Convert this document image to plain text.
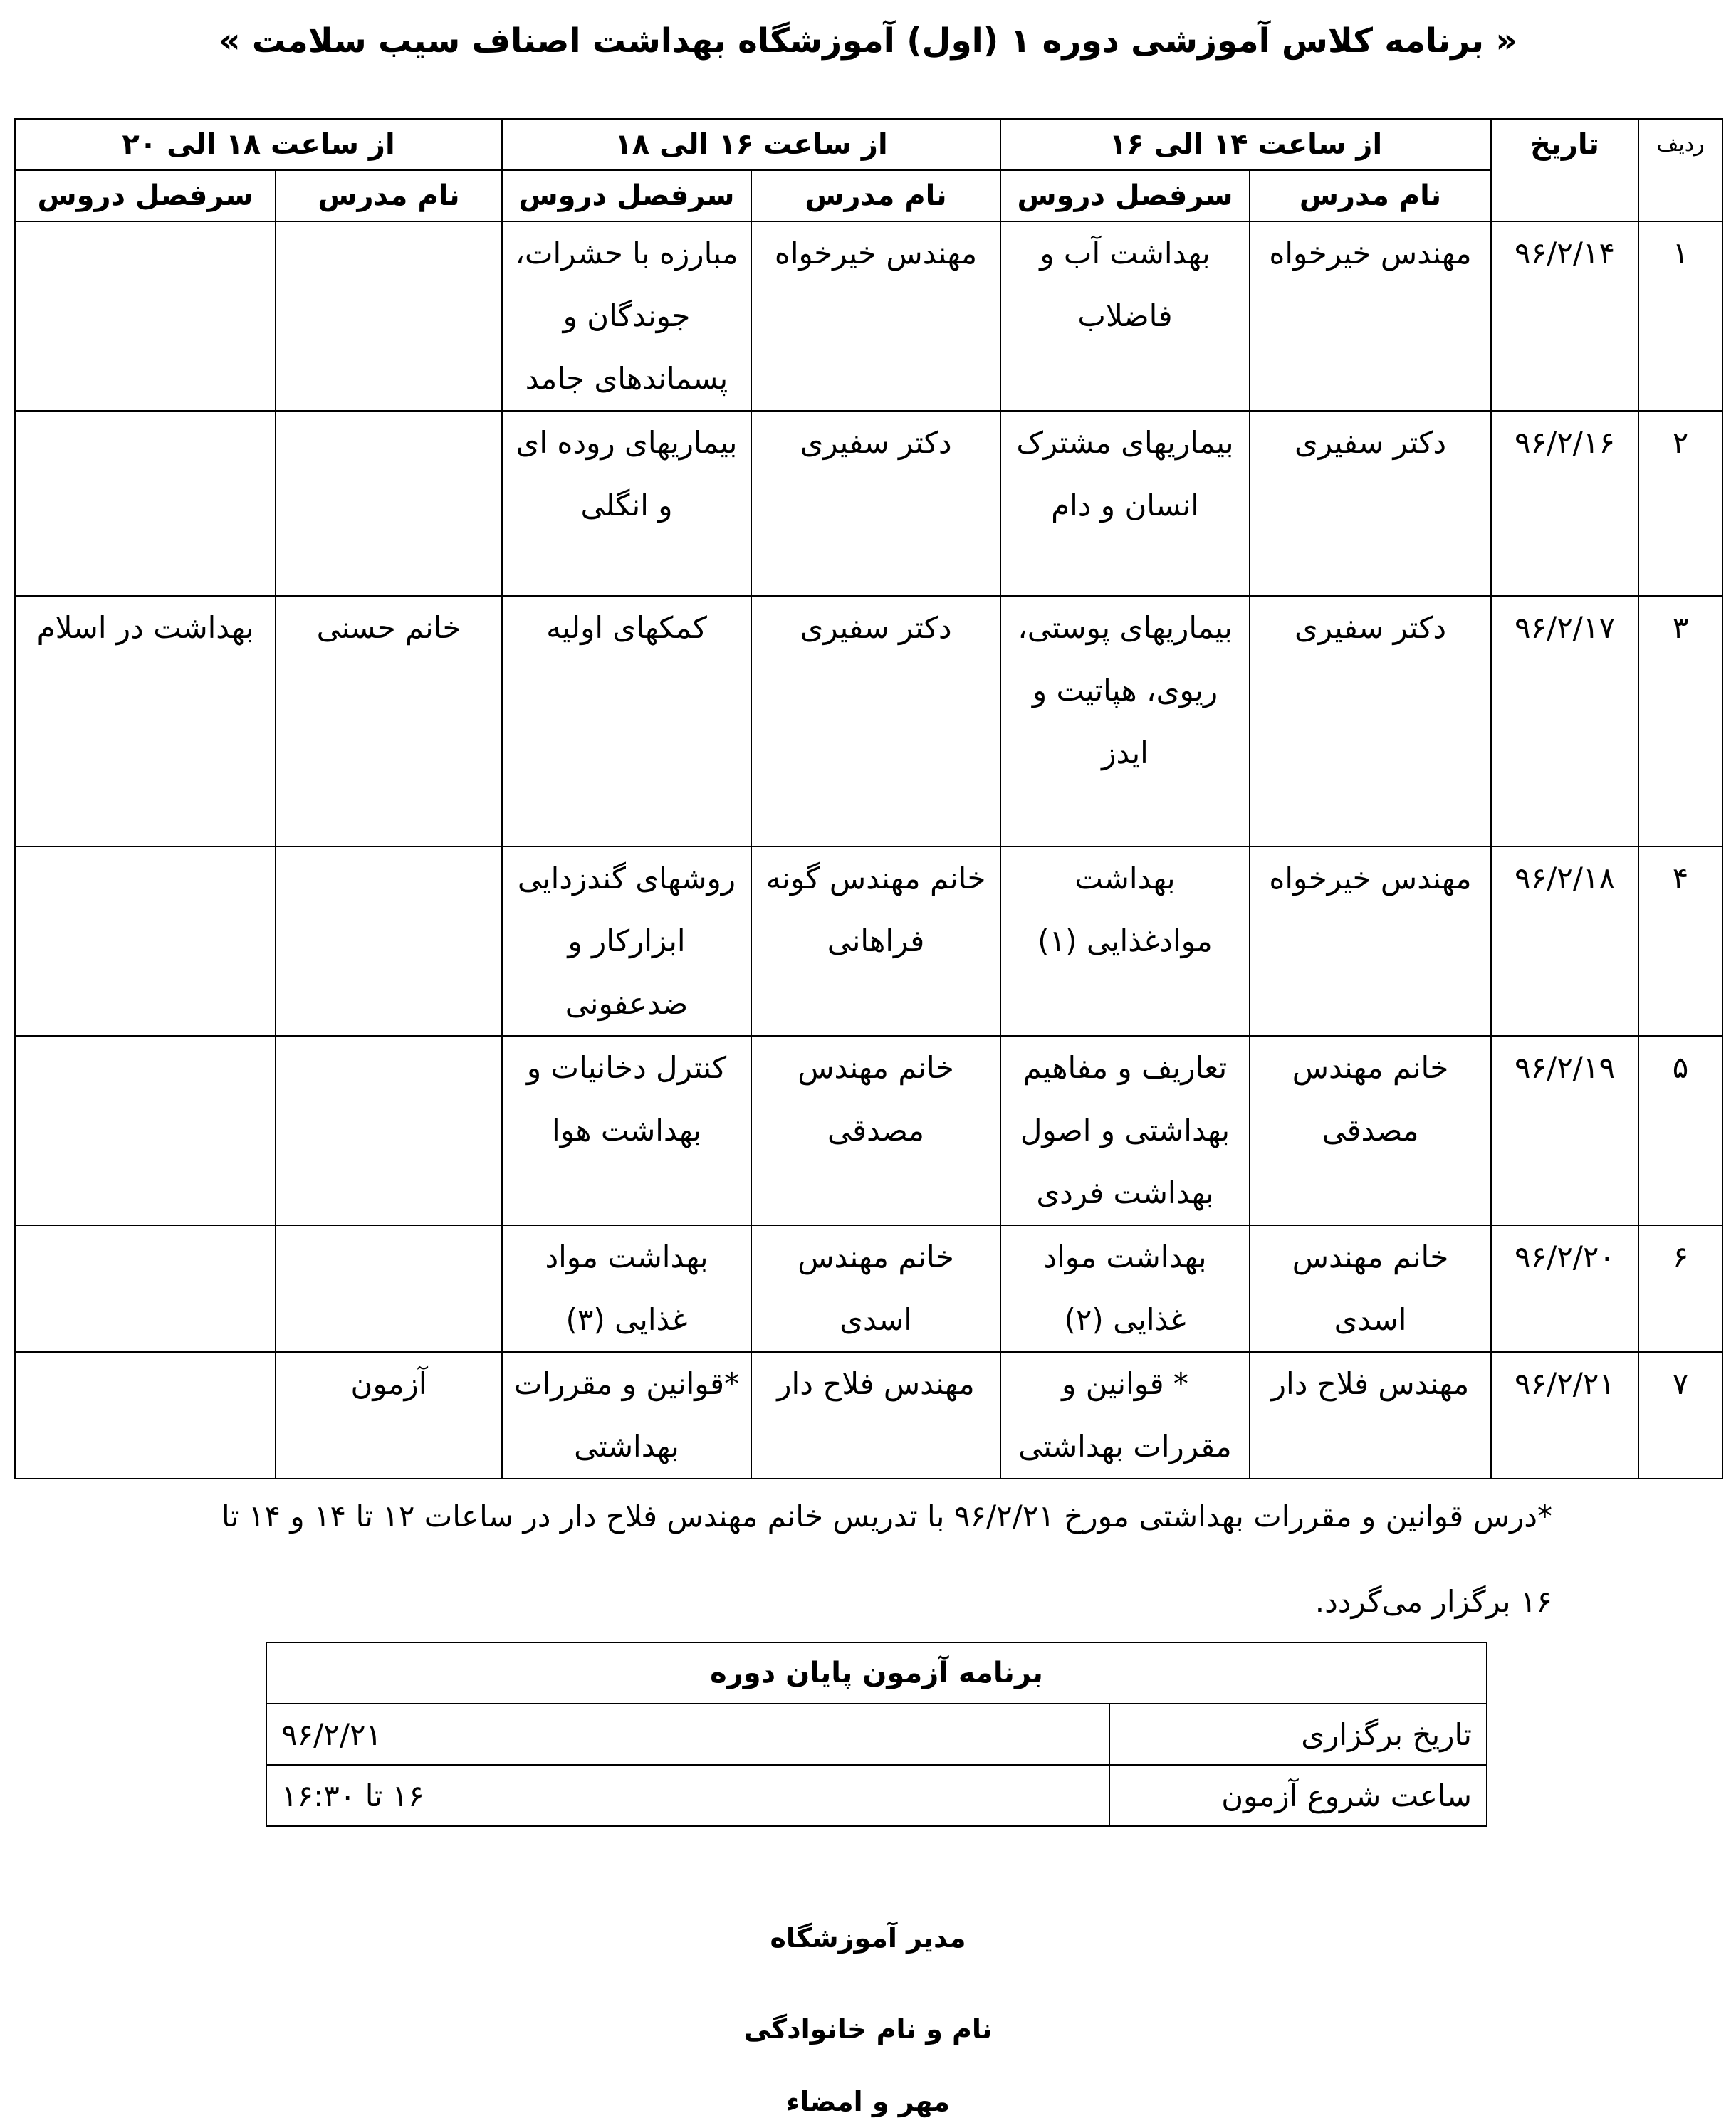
« برنامه کلاس آموزشی دوره ۱ (اول) آموزشگاه بهداشت اصناف سیب سلامت »
ردیف	تاریخ	از ساعت ۱۴ الی ۱۶		از ساعت ۱۶ الی ۱۸		از ساعت ۱۸ الی ۲۰	
		نام مدرس	سرفصل دروس	نام مدرس	سرفصل دروس	نام مدرس	سرفصل دروس
۱	۹۶/۲/۱۴	مهندس خیرخواه	بهداشت آب و فاضلاب	مهندس خیرخواه	مبارزه با حشرات، جوندگان و پسماندهای جامد		
۲	۹۶/۲/۱۶	دکتر سفیری	بیماریهای مشترک انسان و دام	دکتر سفیری	بیماریهای روده ای و انگلی		
۳	۹۶/۲/۱۷	دکتر سفیری	بیماریهای پوستی، ریوی، هپاتیت و ایدز	دکتر سفیری	کمکهای اولیه	خانم حسنی	بهداشت در اسلام
۴	۹۶/۲/۱۸	مهندس خیرخواه	بهداشت موادغذایی (۱)	خانم مهندس گونه فراهانی	روشهای گندزدایی ابزارکار و ضدعفونی		
۵	۹۶/۲/۱۹	خانم مهندس مصدقی	تعاریف و مفاهیم بهداشتی و اصول بهداشت فردی	خانم مهندس مصدقی	کنترل دخانیات و بهداشت هوا		
۶	۹۶/۲/۲۰	خانم مهندس اسدی	بهداشت مواد غذایی (۲)	خانم مهندس اسدی	بهداشت مواد غذایی (۳)		
۷	۹۶/۲/۲۱	مهندس فلاح دار	* قوانین و مقررات بهداشتی	مهندس فلاح دار	*قوانین و مقررات بهداشتی	آزمون	
*درس قوانین و مقررات بهداشتی مورخ ۹۶/۲/۲۱ با تدریس خانم مهندس فلاح دار در ساعات ۱۲ تا ۱۴ و ۱۴ تا ۱۶ برگزار می‌گردد.
برنامه آزمون پایان دوره	
تاریخ برگزاری	۹۶/۲/۲۱
ساعت شروع آزمون	۱۶ تا ۱۶:۳۰
مدیر آموزشگاه
نام و نام خانوادگی
مهر و امضاء
